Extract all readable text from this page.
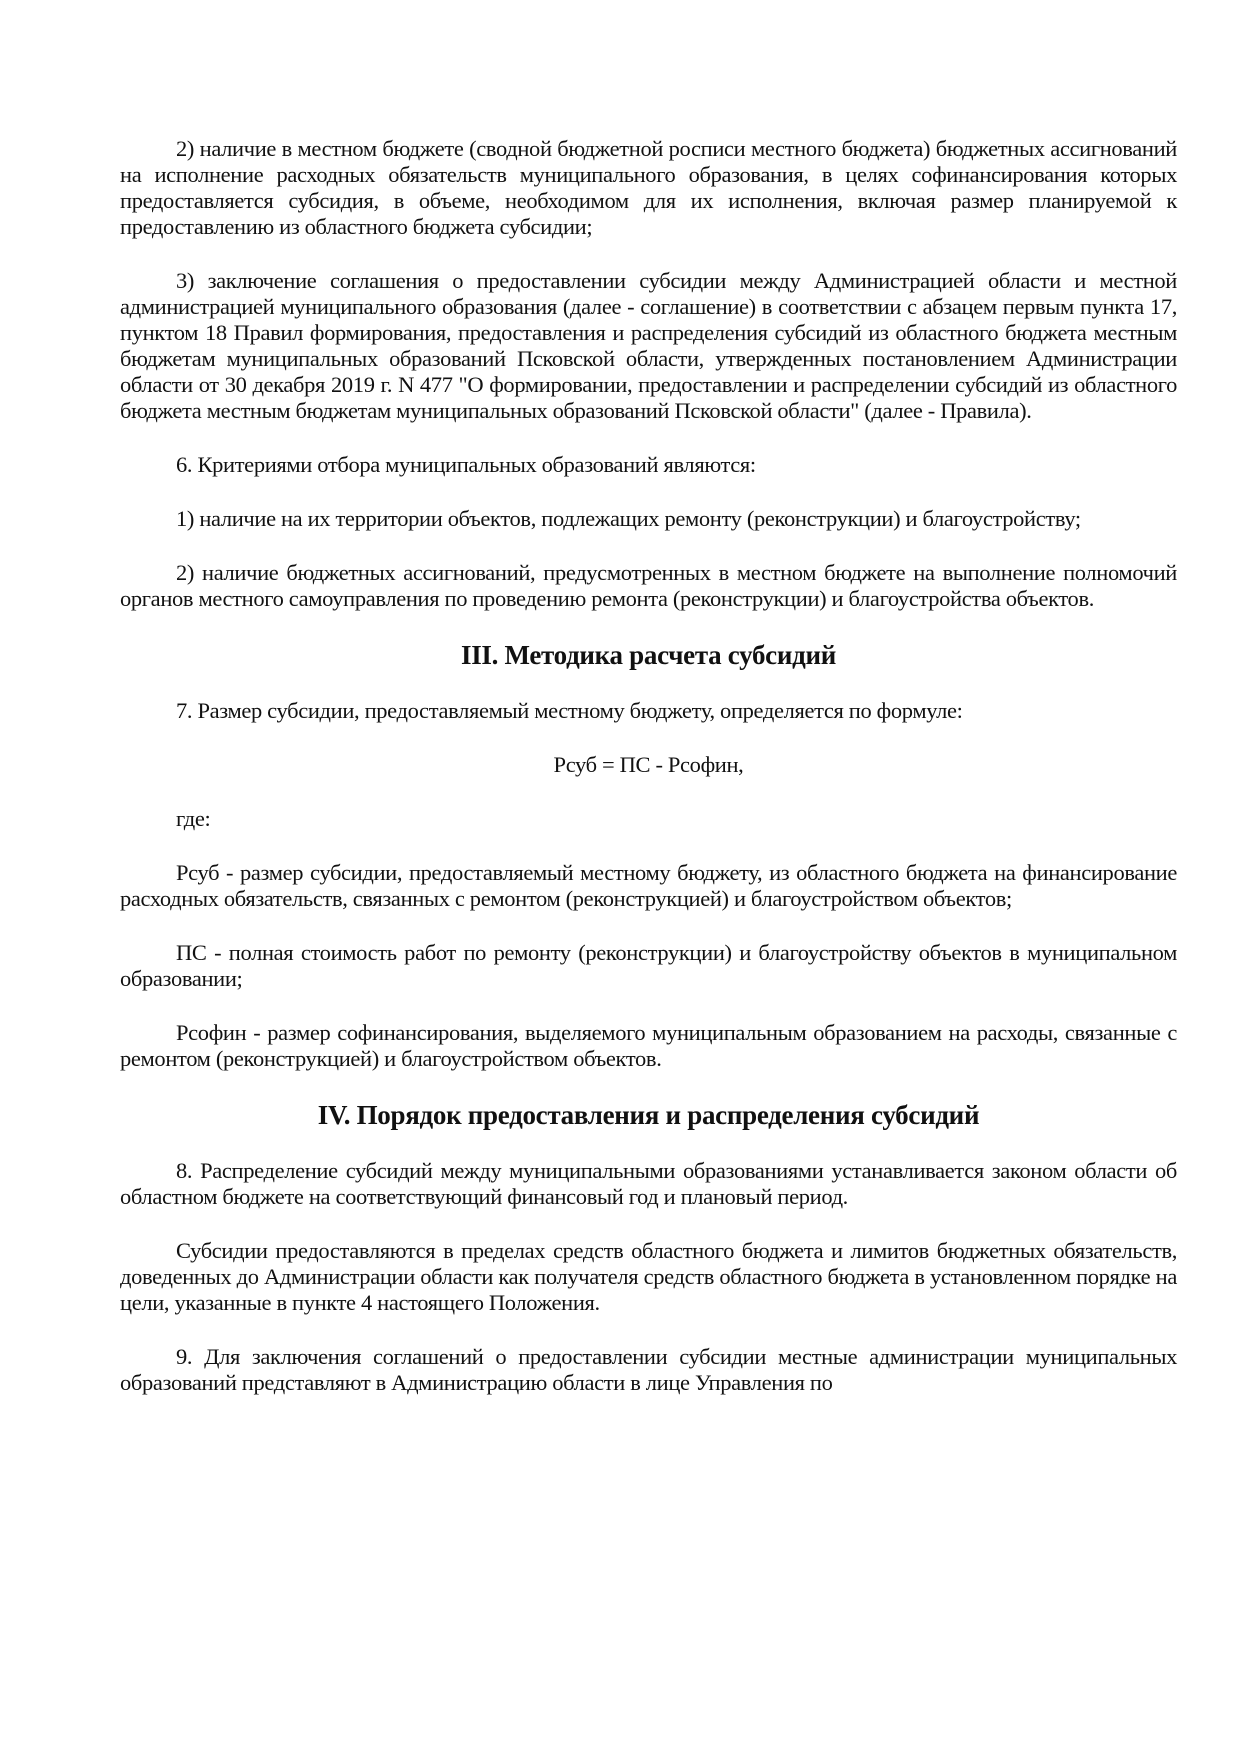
2) наличие в местном бюджете (сводной бюджетной росписи местного бюджета) бюджетных ассигнований на исполнение расходных обязательств муниципального образования, в целях софинансирования которых предоставляется субсидия, в объеме, необходимом для их исполнения, включая размер планируемой к предоставлению из областного бюджета субсидии;

3) заключение соглашения о предоставлении субсидии между Администрацией области и местной администрацией муниципального образования (далее - соглашение) в соответствии с абзацем первым пункта 17, пунктом 18 Правил формирования, предоставления и распределения субсидий из областного бюджета местным бюджетам муниципальных образований Псковской области, утвержденных постановлением Администрации области от 30 декабря 2019 г. N 477 "О формировании, предоставлении и распределении субсидий из областного бюджета местным бюджетам муниципальных образований Псковской области" (далее - Правила).

6. Критериями отбора муниципальных образований являются:

1) наличие на их территории объектов, подлежащих ремонту (реконструкции) и благоустройству;

2) наличие бюджетных ассигнований, предусмотренных в местном бюджете на выполнение полномочий органов местного самоуправления по проведению ремонта (реконструкции) и благоустройства объектов.

III. Методика расчета субсидий

7. Размер субсидии, предоставляемый местному бюджету, определяется по формуле:

Рсуб = ПС - Рсофин,

где:

Рсуб - размер субсидии, предоставляемый местному бюджету, из областного бюджета на финансирование расходных обязательств, связанных с ремонтом (реконструкцией) и благоустройством объектов;

ПС - полная стоимость работ по ремонту (реконструкции) и благоустройству объектов в муниципальном образовании;

Рсофин - размер софинансирования, выделяемого муниципальным образованием на расходы, связанные с ремонтом (реконструкцией) и благоустройством объектов.

IV. Порядок предоставления и распределения субсидий

8. Распределение субсидий между муниципальными образованиями устанавливается законом области об областном бюджете на соответствующий финансовый год и плановый период.

Субсидии предоставляются в пределах средств областного бюджета и лимитов бюджетных обязательств, доведенных до Администрации области как получателя средств областного бюджета в установленном порядке на цели, указанные в пункте 4 настоящего Положения.

9. Для заключения соглашений о предоставлении субсидии местные администрации муниципальных образований представляют в Администрацию области в лице Управления по
